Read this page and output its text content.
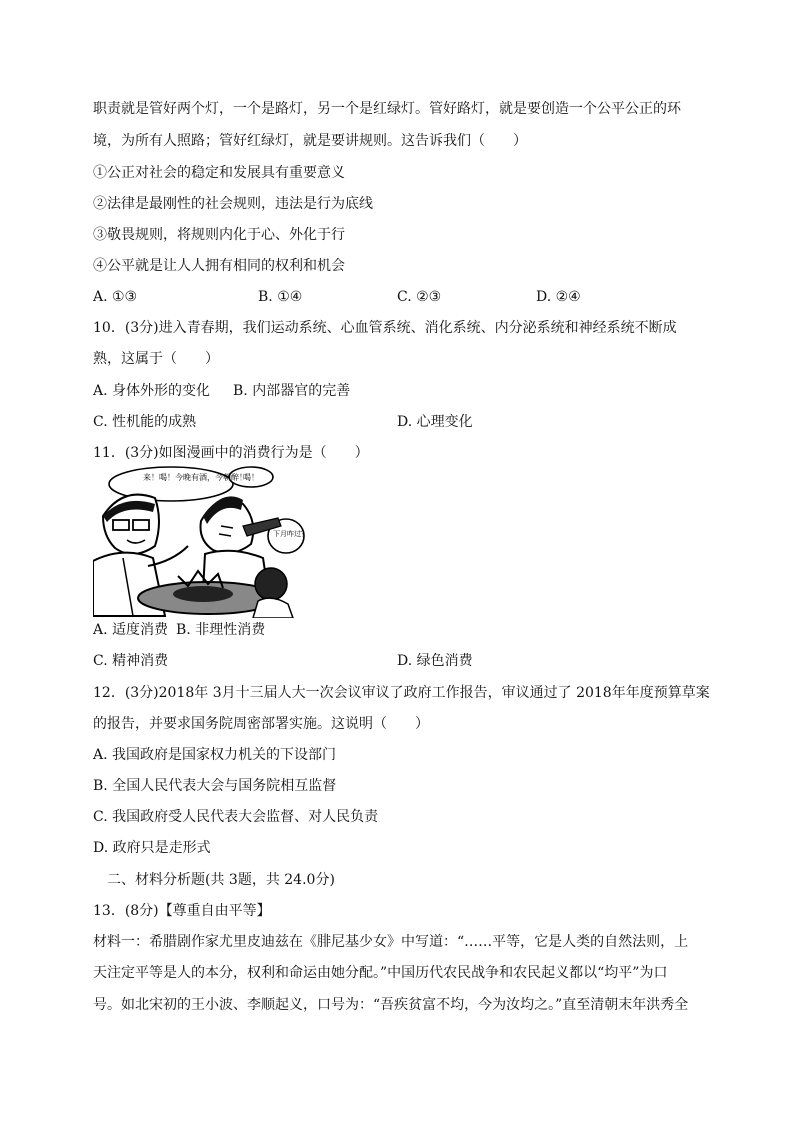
职责就是管好两个灯，一个是路灯，另一个是红绿灯。管好路灯，就是要创造一个公平公正的环
境，为所有人照路；管好红绿灯，就是要讲规则。这告诉我们（　　）
①公正对社会的稳定和发展具有重要意义
②法律是最刚性的社会规则，违法是行为底线
③敬畏规则，将规则内化于心、外化于行
④公平就是让人人拥有相同的权利和机会
A. ①③	B. ①④	C. ②③	D. ②④
10．(3分)进入青春期，我们运动系统、心血管系统、消化系统、内分泌系统和神经系统不断成
熟，这属于（　　）
A. 身体外形的变化 B. 内部器官的完善
C. 性机能的成熟	D. 心理变化
11．(3分)如图漫画中的消费行为是（　　）
来！喝！今晚有酒，今朝醉！
喝！
下月咋过？
A. 适度消费 B. 非理性消费
C. 精神消费	D. 绿色消费
12．(3分)2018年 3月十三届人大一次会议审议了政府工作报告，审议通过了 2018年年度预算草案
的报告，并要求国务院周密部署实施。这说明（　　）
A. 我国政府是国家权力机关的下设部门
B. 全国人民代表大会与国务院相互监督
C. 我国政府受人民代表大会监督、对人民负责
D. 政府只是走形式
二、材料分析题(共 3题，共 24.0分)
13．(8分)【尊重自由平等】
材料一：希腊剧作家尤里皮迪兹在《腓尼基少女》中写道：“……平等，它是人类的自然法则，上
天注定平等是人的本分，权利和命运由她分配。”中国历代农民战争和农民起义都以“均平”为口
号。如北宋初的王小波、李顺起义，口号为：“吾疾贫富不均，今为汝均之。”直至清朝末年洪秀全
